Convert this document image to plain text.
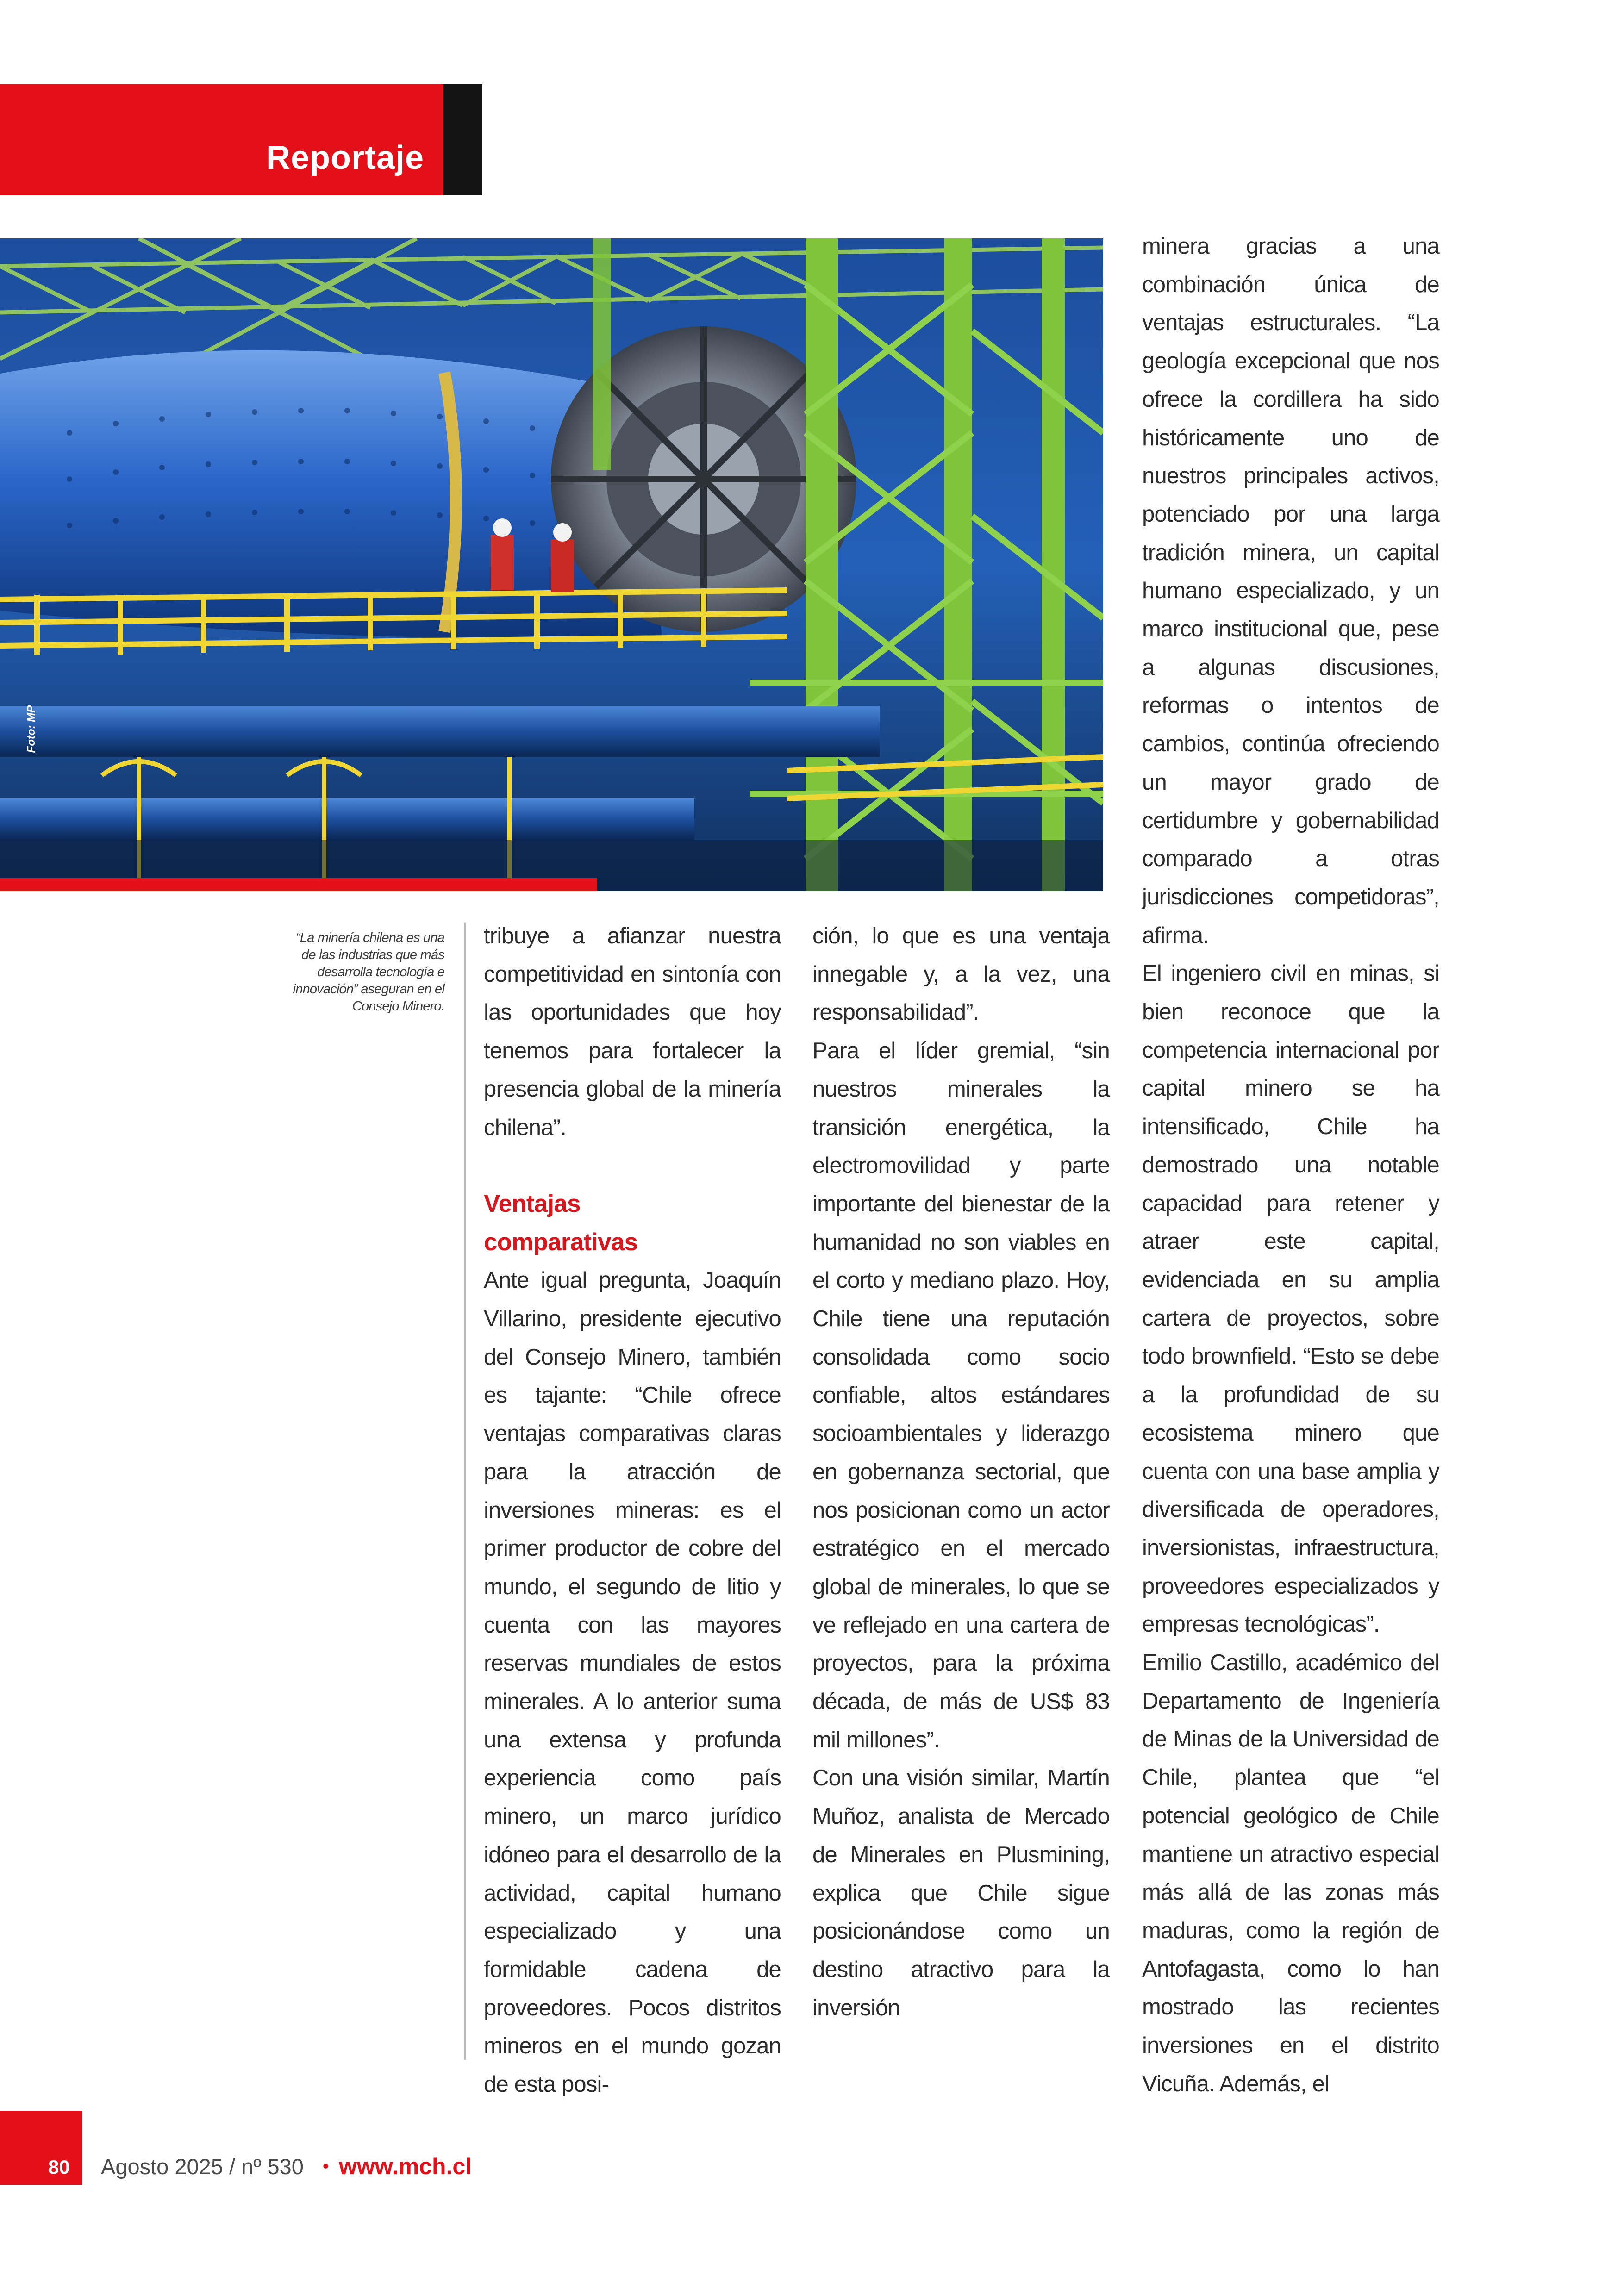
Reportaje
Foto: MP
“La minería chilena es una
de las industrias que más
desarrolla tecnología e
innovación” aseguran en el
Consejo Minero.

tribuye a afianzar nuestra competitividad en sintonía con las oportunidades que hoy tenemos para fortalecer la presencia global de la minería chilena”.

Ventajas
comparativas

Ante igual pregunta, Joaquín Villarino, presidente ejecutivo del Consejo Minero, también es tajante: “Chile ofrece ventajas comparativas claras para la atracción de inversiones mineras: es el primer productor de cobre del mundo, el segundo de litio y cuenta con las mayores reservas mundiales de estos minerales. A lo anterior suma una extensa y profunda experiencia como país minero, un marco jurídico idóneo para el desarrollo de la actividad, capital humano especializado y una formidable cadena de proveedores. Pocos distritos mineros en el mundo gozan de esta posi-

ción, lo que es una ventaja innegable y, a la vez, una responsabilidad”.

Para el líder gremial, “sin nuestros minerales la transición energética, la electromovilidad y parte importante del bienestar de la humanidad no son viables en el corto y mediano plazo. Hoy, Chile tiene una reputación consolidada como socio confiable, altos estándares socioambientales y liderazgo en gobernanza sectorial, que nos posicionan como un actor estratégico en el mercado global de minerales, lo que se ve reflejado en una cartera de proyectos, para la próxima década, de más de US$ 83 mil millones”.

Con una visión similar, Martín Muñoz, analista de Mercado de Minerales en Plusmining, explica que Chile sigue posicionándose como un destino atractivo para la inversión

minera gracias a una combinación única de ventajas estructurales. “La geología excepcional que nos ofrece la cordillera ha sido históricamente uno de nuestros principales activos, potenciado por una larga tradición minera, un capital humano especializado, y un marco institucional que, pese a algunas discusiones, reformas o intentos de cambios, continúa ofreciendo un mayor grado de certidumbre y gobernabilidad comparado a otras jurisdicciones competidoras”, afirma.

El ingeniero civil en minas, si bien reconoce que la competencia internacional por capital minero se ha intensificado, Chile ha demostrado una notable capacidad para retener y atraer este capital, evidenciada en su amplia cartera de proyectos, sobre todo brownfield. “Esto se debe a la profundidad de su ecosistema minero que cuenta con una base amplia y diversificada de operadores, inversionistas, infraestructura, proveedores especializados y empresas tecnológicas”.

Emilio Castillo, académico del Departamento de Ingeniería de Minas de la Universidad de Chile, plantea que “el potencial geológico de Chile mantiene un atractivo especial más allá de las zonas más maduras, como la región de Antofagasta, como lo han mostrado las recientes inversiones en el distrito Vicuña. Además, el

80 Agosto 2025 / nº 530 • www.mch.cl
